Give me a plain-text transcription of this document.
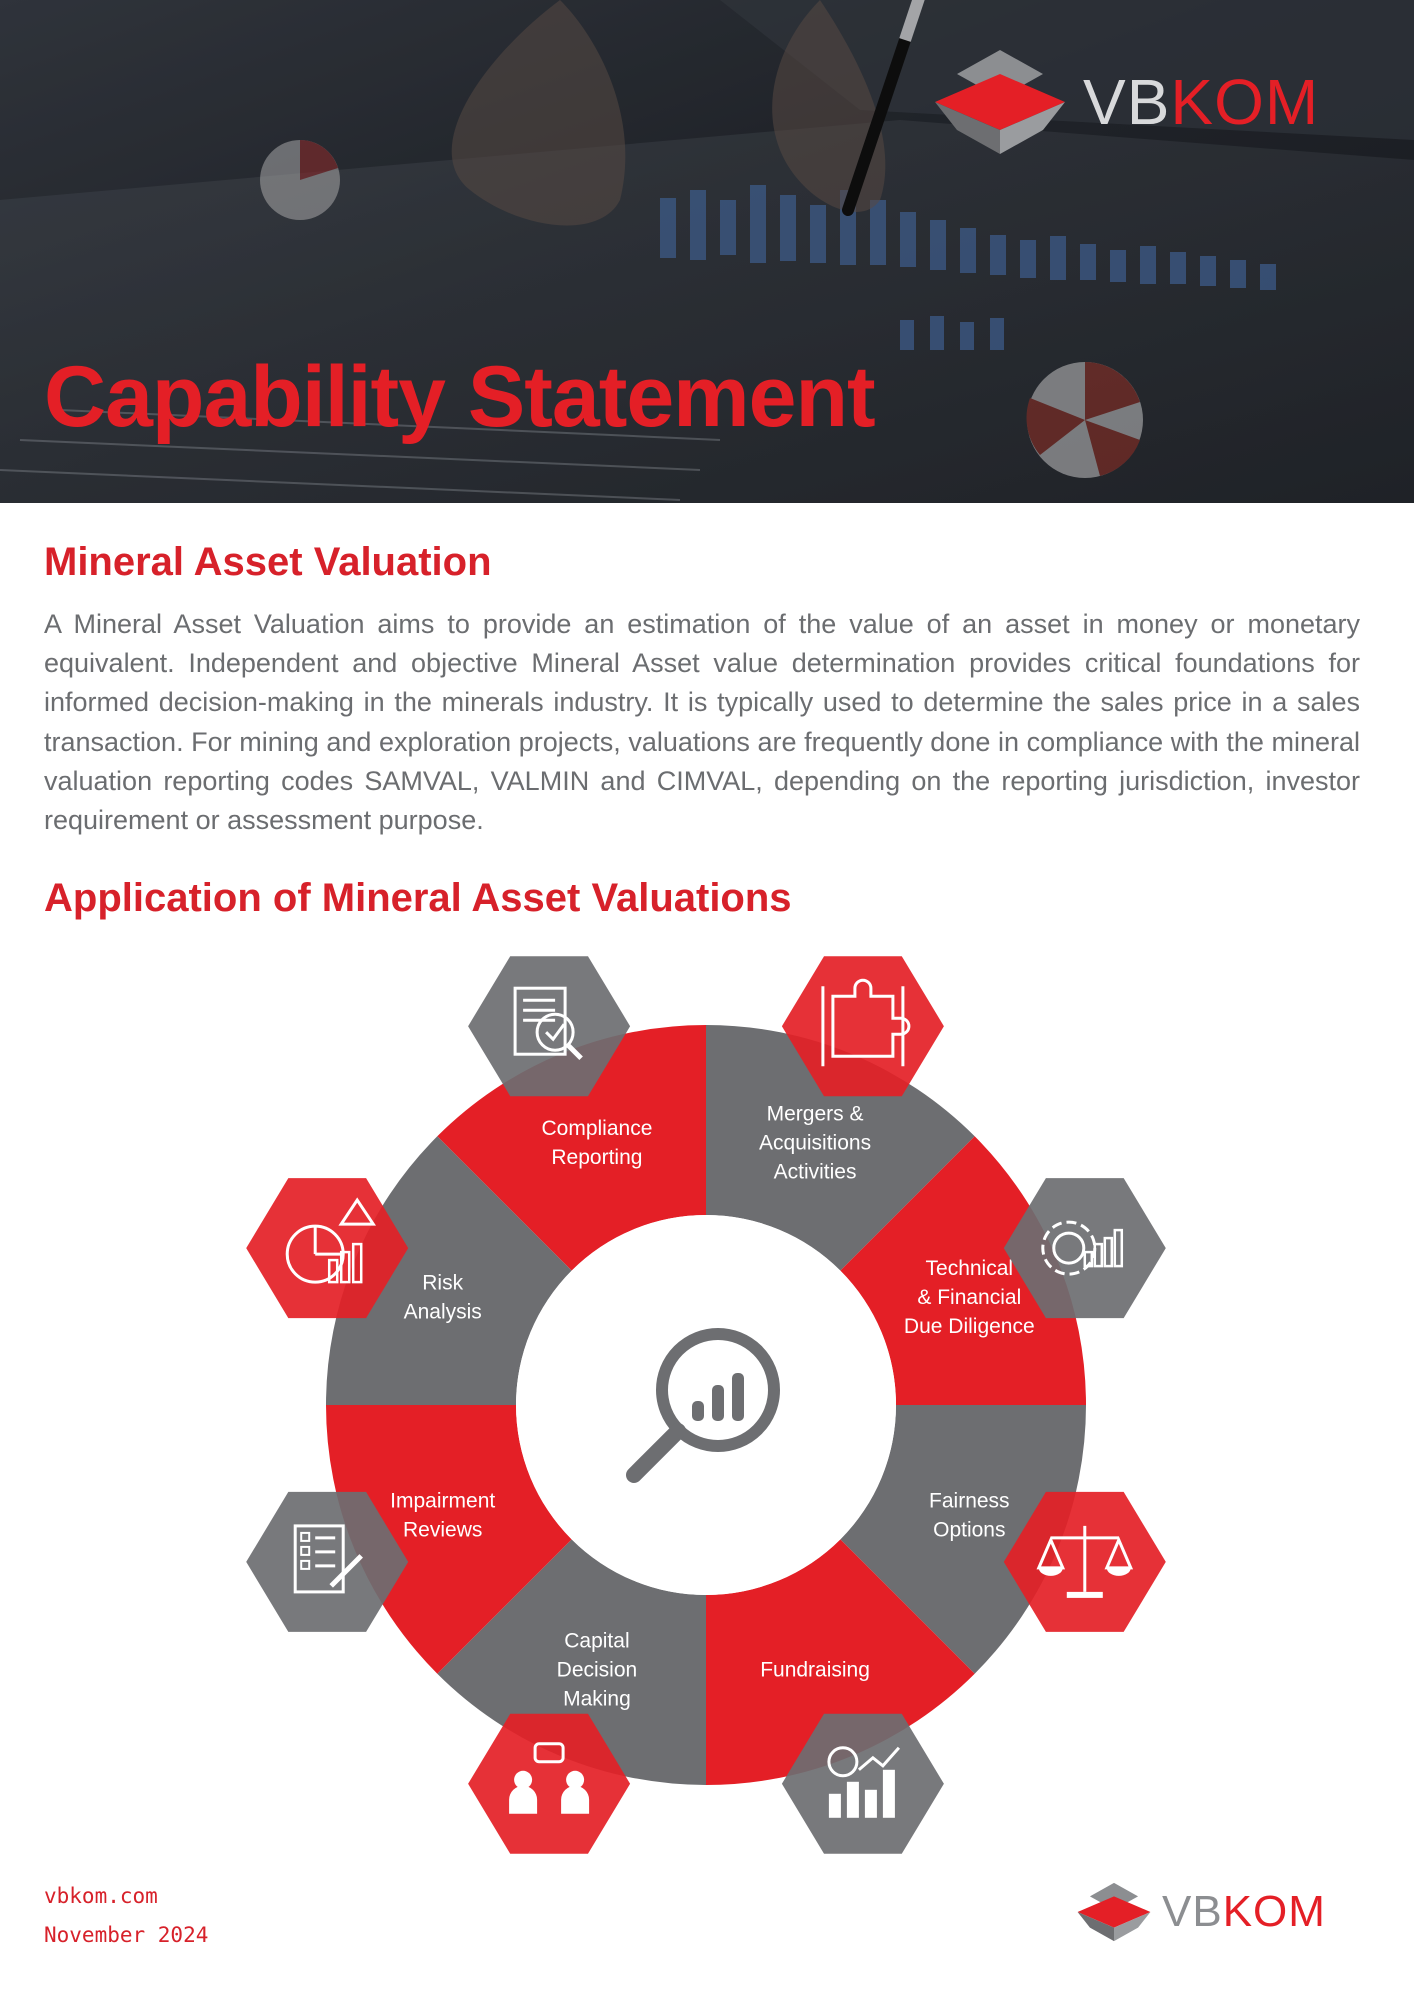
Capability Statement
VBKOM
Mineral Asset Valuation

A Mineral Asset Valuation aims to provide an estimation of the value of an asset in money or monetary equivalent. Independent and objective Mineral Asset value determination provides critical foundations for informed decision-making in the minerals industry. It is typically used to determine the sales price in a sales transaction. For mining and exploration projects, valuations are frequently done in compliance with the mineral valuation reporting codes SAMVAL, VALMIN and CIMVAL, depending on the reporting jurisdiction, investor requirement or assessment purpose.

Application of Mineral Asset Valuations
Compliance
Reporting
Mergers &
Acquisitions
Activities
Technical
& Financial
Due Diligence
Fairness
Options
Fundraising
Capital
Decision
Making
Impairment
Reviews
Risk
Analysis
vbkom.com
November 2024	VBKOM
